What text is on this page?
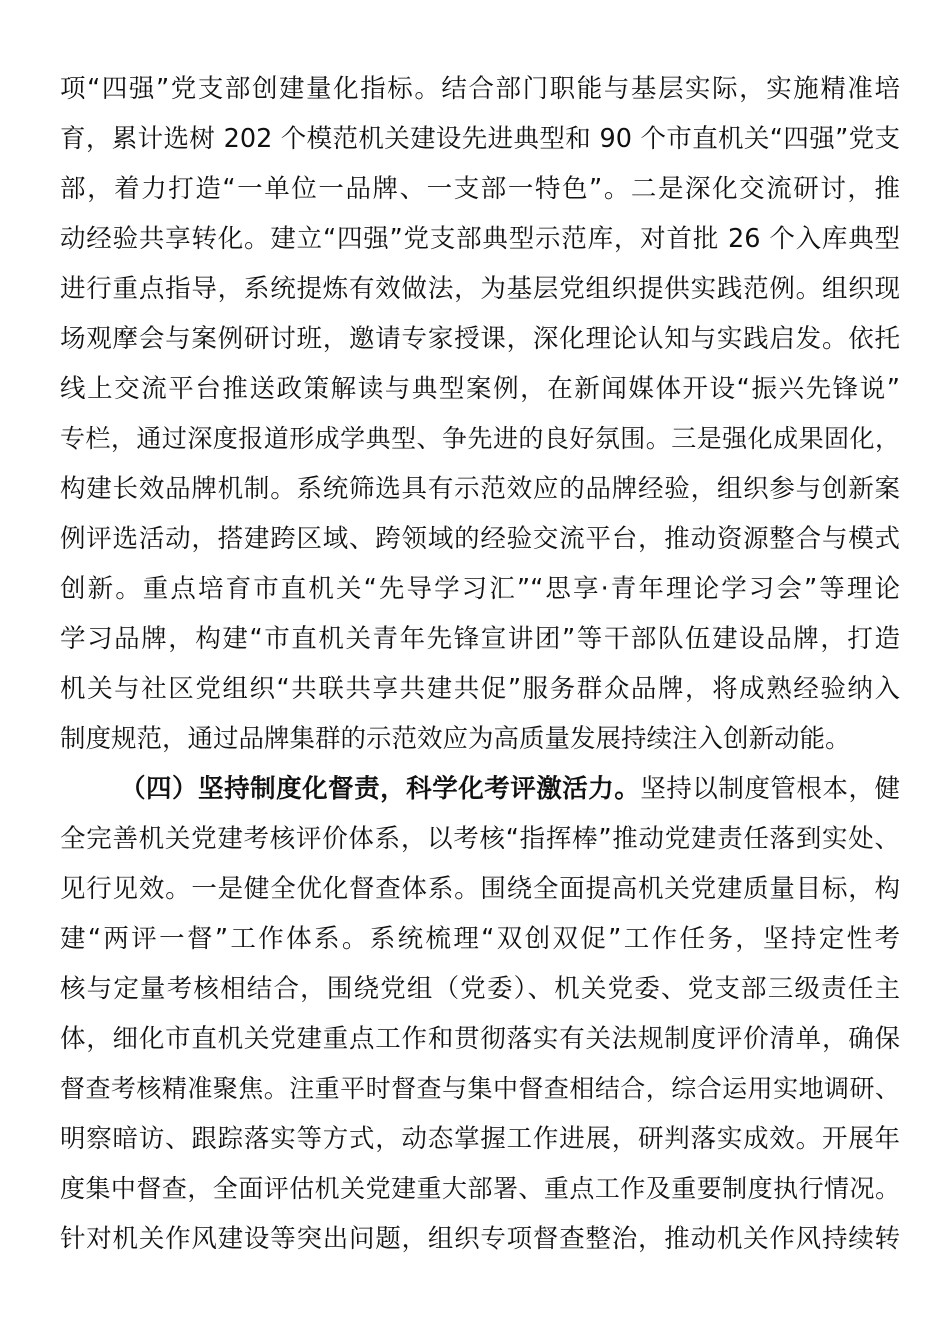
项“四强”党支部创建量化指标。结合部门职能与基层实际，实施精准培
育，累计选树 202 个模范机关建设先进典型和 90 个市直机关“四强”党支
部，着力打造“一单位一品牌、一支部一特色”。二是深化交流研讨，推
动经验共享转化。建立“四强”党支部典型示范库，对首批 26 个入库典型
进行重点指导，系统提炼有效做法，为基层党组织提供实践范例。组织现
场观摩会与案例研讨班，邀请专家授课，深化理论认知与实践启发。依托
线上交流平台推送政策解读与典型案例，在新闻媒体开设“振兴先锋说”
专栏，通过深度报道形成学典型、争先进的良好氛围。三是强化成果固化，
构建长效品牌机制。系统筛选具有示范效应的品牌经验，组织参与创新案
例评选活动，搭建跨区域、跨领域的经验交流平台，推动资源整合与模式
创新。重点培育市直机关“先导学习汇”“思享·青年理论学习会”等理论
学习品牌，构建“市直机关青年先锋宣讲团”等干部队伍建设品牌，打造
机关与社区党组织“共联共享共建共促”服务群众品牌，将成熟经验纳入
制度规范，通过品牌集群的示范效应为高质量发展持续注入创新动能。
（四）坚持制度化督责，科学化考评激活力。坚持以制度管根本，健
全完善机关党建考核评价体系，以考核“指挥棒”推动党建责任落到实处、
见行见效。一是健全优化督查体系。围绕全面提高机关党建质量目标，构
建“两评一督”工作体系。系统梳理“双创双促”工作任务，坚持定性考
核与定量考核相结合，围绕党组（党委）、机关党委、党支部三级责任主
体，细化市直机关党建重点工作和贯彻落实有关法规制度评价清单，确保
督查考核精准聚焦。注重平时督查与集中督查相结合，综合运用实地调研、
明察暗访、跟踪落实等方式，动态掌握工作进展，研判落实成效。开展年
度集中督查，全面评估机关党建重大部署、重点工作及重要制度执行情况。
针对机关作风建设等突出问题，组织专项督查整治，推动机关作风持续转
